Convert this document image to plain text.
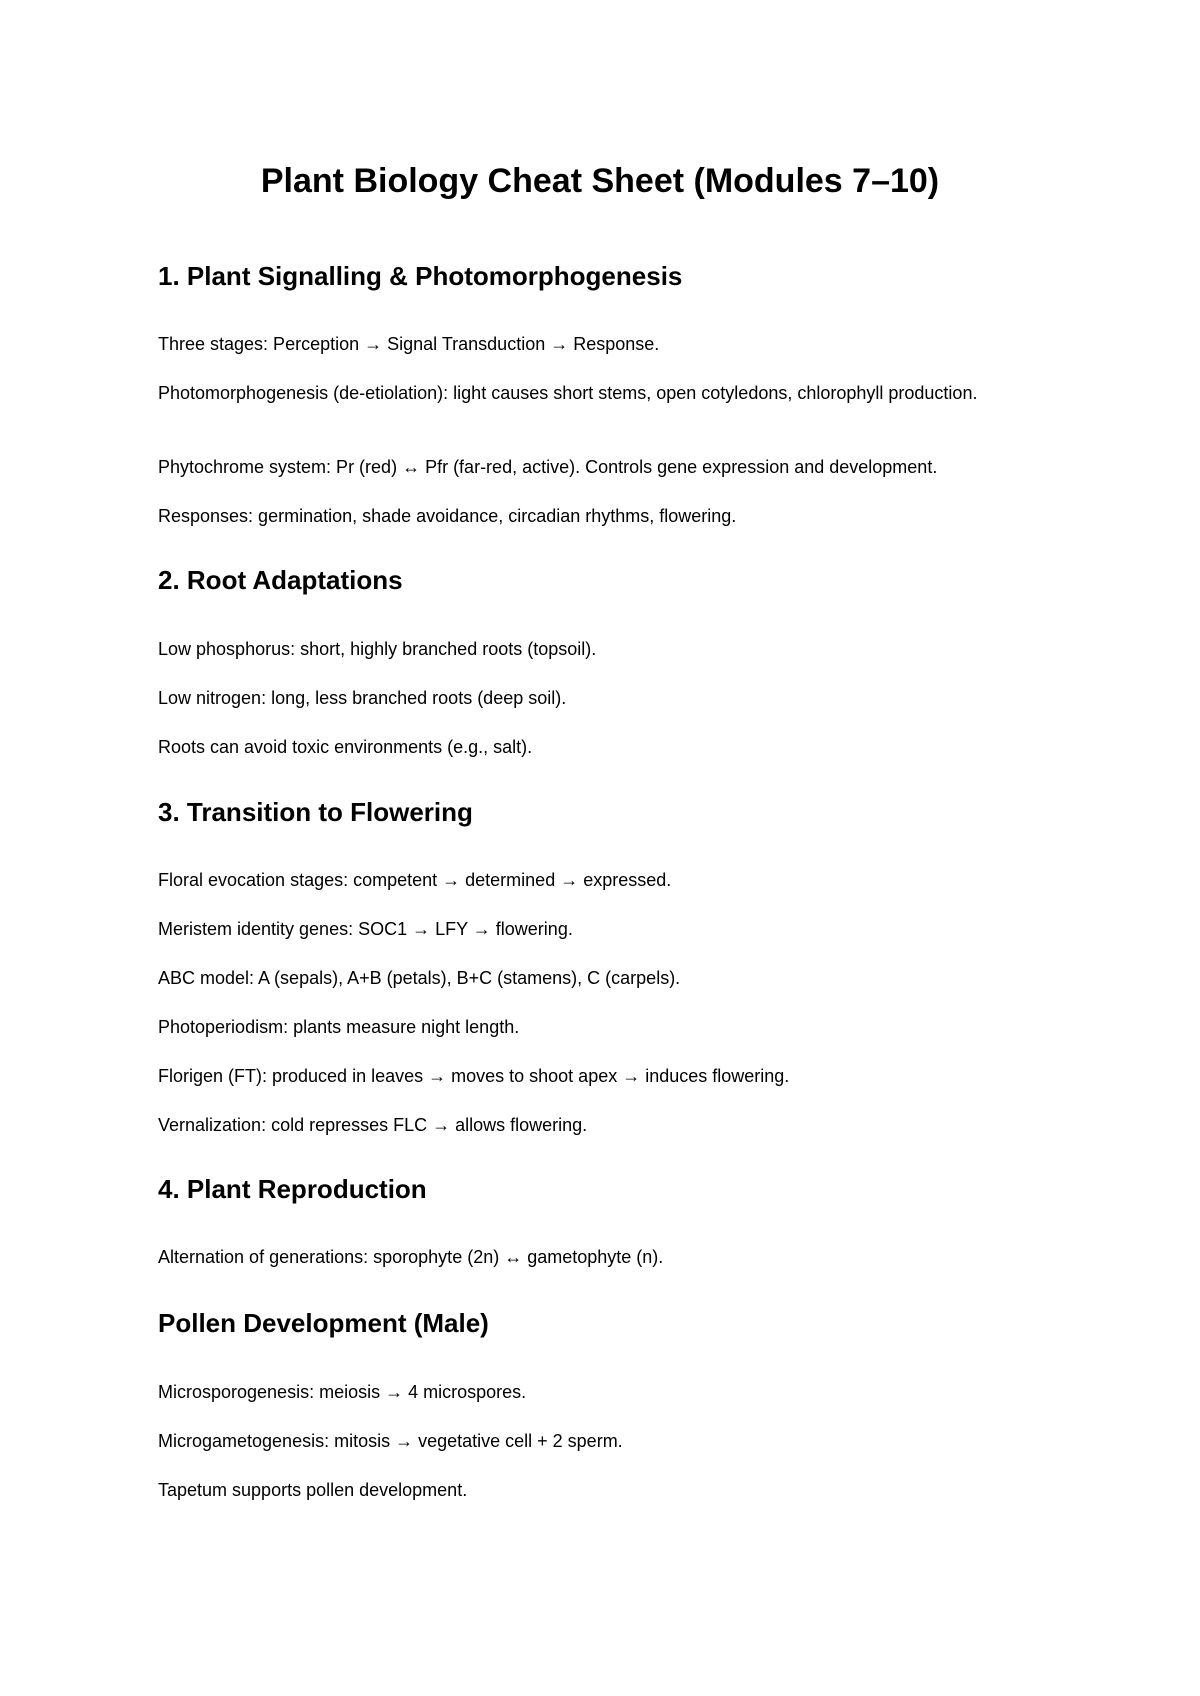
Plant Biology Cheat Sheet (Modules 7–10)
1. Plant Signalling & Photomorphogenesis

Three stages: Perception → Signal Transduction → Response.

Photomorphogenesis (de-etiolation): light causes short stems, open cotyledons, chlorophyll production.

Phytochrome system: Pr (red) ↔ Pfr (far-red, active). Controls gene expression and development.

Responses: germination, shade avoidance, circadian rhythms, flowering.

2. Root Adaptations

Low phosphorus: short, highly branched roots (topsoil).

Low nitrogen: long, less branched roots (deep soil).

Roots can avoid toxic environments (e.g., salt).

3. Transition to Flowering

Floral evocation stages: competent → determined → expressed.

Meristem identity genes: SOC1 → LFY → flowering.

ABC model: A (sepals), A+B (petals), B+C (stamens), C (carpels).

Photoperiodism: plants measure night length.

Florigen (FT): produced in leaves → moves to shoot apex → induces flowering.

Vernalization: cold represses FLC → allows flowering.

4. Plant Reproduction

Alternation of generations: sporophyte (2n) ↔ gametophyte (n).

Pollen Development (Male)

Microsporogenesis: meiosis → 4 microspores.

Microgametogenesis: mitosis → vegetative cell + 2 sperm.

Tapetum supports pollen development.
